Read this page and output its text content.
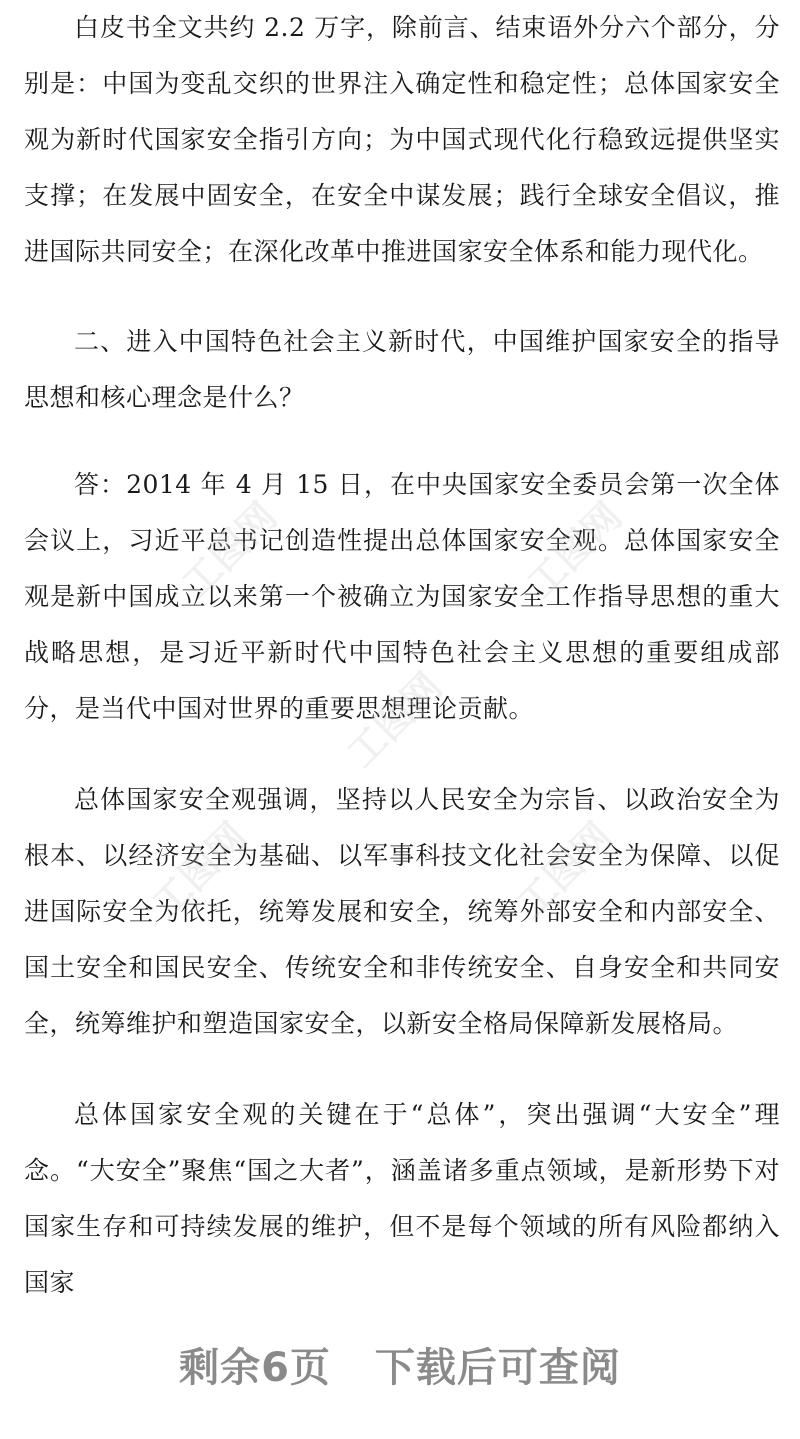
白皮书全文共约 2.2 万字，除前言、结束语外分六个部分，分别是：中国为变乱交织的世界注入确定性和稳定性；总体国家安全观为新时代国家安全指引方向；为中国式现代化行稳致远提供坚实支撑；在发展中固安全，在安全中谋发展；践行全球安全倡议，推进国际共同安全；在深化改革中推进国家安全体系和能力现代化。

二、进入中国特色社会主义新时代，中国维护国家安全的指导思想和核心理念是什么？

答：2014 年 4 月 15 日，在中央国家安全委员会第一次全体会议上，习近平总书记创造性提出总体国家安全观。总体国家安全观是新中国成立以来第一个被确立为国家安全工作指导思想的重大战略思想，是习近平新时代中国特色社会主义思想的重要组成部分，是当代中国对世界的重要思想理论贡献。

总体国家安全观强调，坚持以人民安全为宗旨、以政治安全为根本、以经济安全为基础、以军事科技文化社会安全为保障、以促进国际安全为依托，统筹发展和安全，统筹外部安全和内部安全、国土安全和国民安全、传统安全和非传统安全、自身安全和共同安全，统筹维护和塑造国家安全，以新安全格局保障新发展格局。

总体国家安全观的关键在于“总体”，突出强调“大安全”理念。“大安全”聚焦“国之大者”，涵盖诸多重点领域，是新形势下对国家生存和可持续发展的维护，但不是每个领域的所有风险都纳入国家

工图网	工图网
工图网
工图网	工图网
剩余6页 下载后可查阅
